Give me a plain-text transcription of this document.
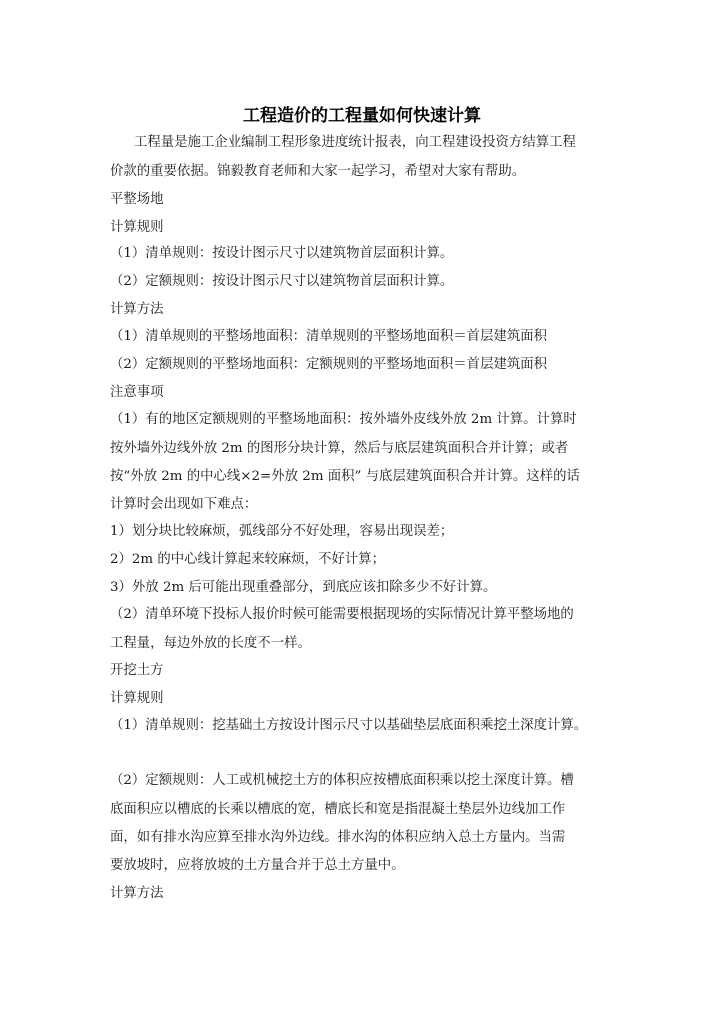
工程造价的工程量如何快速计算
工程量是施工企业编制工程形象进度统计报表，向工程建设投资方结算工程
价款的重要依据。锦毅教育老师和大家一起学习，希望对大家有帮助。
平整场地
计算规则
（1）清单规则：按设计图示尺寸以建筑物首层面积计算。
（2）定额规则：按设计图示尺寸以建筑物首层面积计算。
计算方法
（1）清单规则的平整场地面积：清单规则的平整场地面积＝首层建筑面积
（2）定额规则的平整场地面积：定额规则的平整场地面积＝首层建筑面积
注意事项
（1）有的地区定额规则的平整场地面积：按外墙外皮线外放 2m 计算。计算时
按外墙外边线外放 2m 的图形分块计算，然后与底层建筑面积合并计算；或者
按“外放 2m 的中心线×2=外放 2m 面积” 与底层建筑面积合并计算。这样的话
计算时会出现如下难点：
1）划分块比较麻烦，弧线部分不好处理，容易出现误差；
2）2m 的中心线计算起来较麻烦，不好计算；
3）外放 2m 后可能出现重叠部分，到底应该扣除多少不好计算。
（2）清单环境下投标人报价时候可能需要根据现场的实际情况计算平整场地的
工程量，每边外放的长度不一样。
开挖土方
计算规则
（1）清单规则：挖基础土方按设计图示尺寸以基础垫层底面积乘挖土深度计算。
（2）定额规则：人工或机械挖土方的体积应按槽底面积乘以挖土深度计算。槽
底面积应以槽底的长乘以槽底的宽，槽底长和宽是指混凝土垫层外边线加工作
面，如有排水沟应算至排水沟外边线。排水沟的体积应纳入总土方量内。当需
要放坡时，应将放坡的土方量合并于总土方量中。
计算方法
